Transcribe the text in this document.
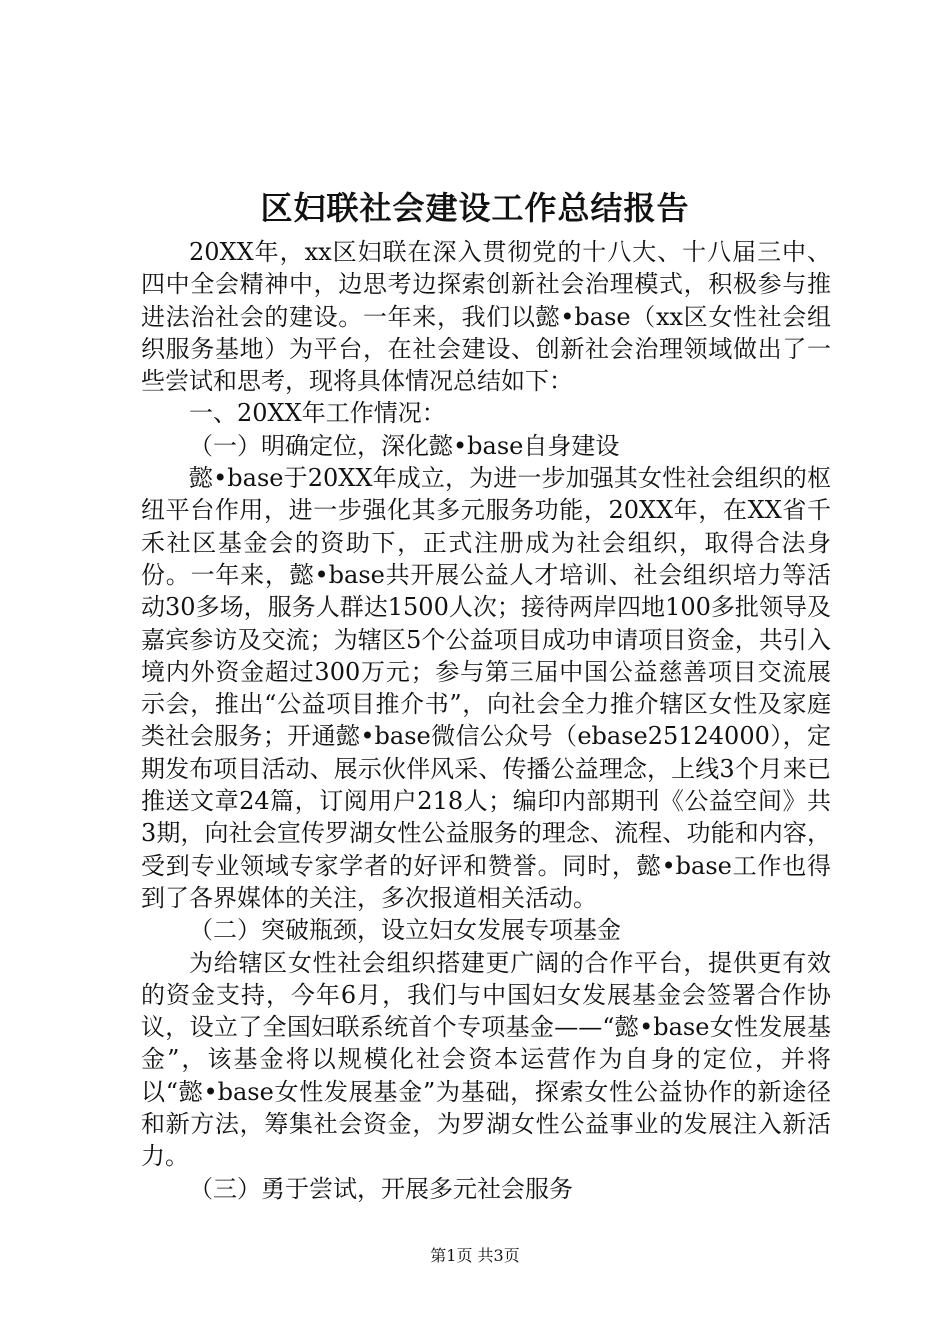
区妇联社会建设工作总结报告

20XX年，xx区妇联在深入贯彻党的十八大、十八届三中、四中全会精神中，边思考边探索创新社会治理模式，积极参与推进法治社会的建设。一年来，我们以懿•base（xx区女性社会组织服务基地）为平台，在社会建设、创新社会治理领域做出了一些尝试和思考，现将具体情况总结如下：

一、20XX年工作情况：

（一）明确定位，深化懿•base自身建设

懿•base于20XX年成立，为进一步加强其女性社会组织的枢纽平台作用，进一步强化其多元服务功能，20XX年，在XX省千禾社区基金会的资助下，正式注册成为社会组织，取得合法身份。一年来，懿•base共开展公益人才培训、社会组织培力等活动30多场，服务人群达1500人次；接待两岸四地100多批领导及嘉宾参访及交流；为辖区5个公益项目成功申请项目资金，共引入境内外资金超过300万元；参与第三届中国公益慈善项目交流展示会，推出“公益项目推介书”，向社会全力推介辖区女性及家庭类社会服务；开通懿•base微信公众号（ebase25124000），定期发布项目活动、展示伙伴风采、传播公益理念，上线3个月来已推送文章24篇，订阅用户218人；编印内部期刊《公益空间》共3期，向社会宣传罗湖女性公益服务的理念、流程、功能和内容，受到专业领域专家学者的好评和赞誉。同时，懿•base工作也得到了各界媒体的关注，多次报道相关活动。

（二）突破瓶颈，设立妇女发展专项基金

为给辖区女性社会组织搭建更广阔的合作平台，提供更有效的资金支持，今年6月，我们与中国妇女发展基金会签署合作协议，设立了全国妇联系统首个专项基金——“懿•base女性发展基金”，该基金将以规模化社会资本运营作为自身的定位，并将以“懿•base女性发展基金”为基础，探索女性公益协作的新途径和新方法，筹集社会资金，为罗湖女性公益事业的发展注入新活力。

（三）勇于尝试，开展多元社会服务

第1页 共3页
